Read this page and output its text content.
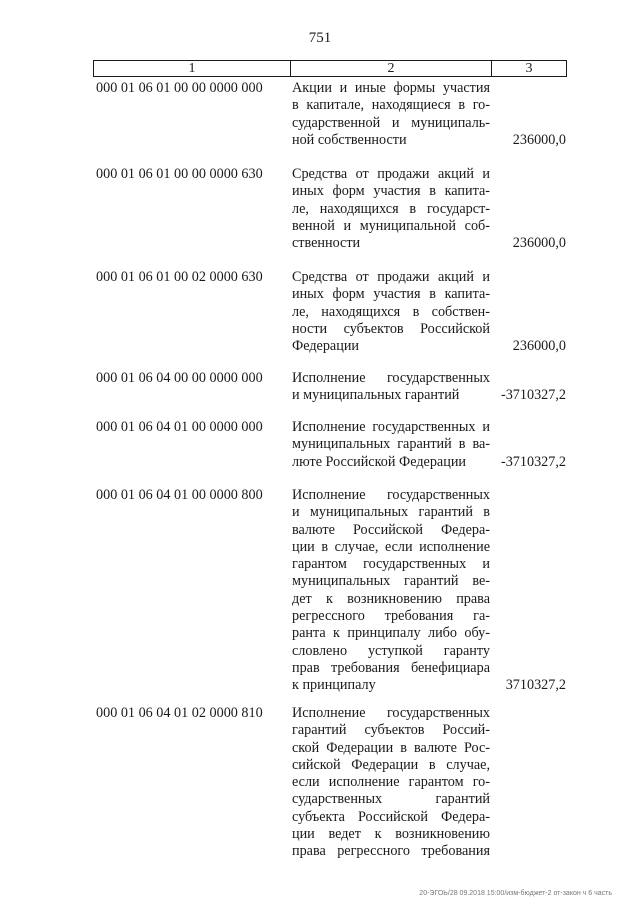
751
1	2	3
000 01 06 01 00 00 0000 000 Акции и иные формы участия
в капитале, находящиеся в го-
сударственной и муниципаль-
ной собственности	236000,0
000 01 06 01 00 00 0000 630 Средства от продажи акций и
иных форм участия в капита-
ле, находящихся в государст-
венной и муниципальной соб-
ственности	236000,0
000 01 06 01 00 02 0000 630 Средства от продажи акций и
иных форм участия в капита-
ле, находящихся в собствен-
ности субъектов Российской
Федерации	236000,0
000 01 06 04 00 00 0000 000 Исполнение государственных
и муниципальных гарантий	-3710327,2
000 01 06 04 01 00 0000 000 Исполнение государственных и
муниципальных гарантий в ва-
люте Российской Федерации	-3710327,2
000 01 06 04 01 00 0000 800 Исполнение государственных
и муниципальных гарантий в
валюте Российской Федера-
ции в случае, если исполнение
гарантом государственных и
муниципальных гарантий ве-
дет к возникновению права
регрессного требования га-
ранта к принципалу либо обу-
словлено уступкой гаранту
прав требования бенефициара
к принципалу	3710327,2
000 01 06 04 01 02 0000 810 Исполнение государственных
гарантий субъектов Россий-
ской Федерации в валюте Рос-
сийской Федерации в случае,
если исполнение гарантом го-
сударственных гарантий
субъекта Российской Федера-
ции ведет к возникновению
права регрессного требования
20-ЭГОЬ/28 09.2018 15:00/изм-бюджет-2 от-закон ч 6 часть
